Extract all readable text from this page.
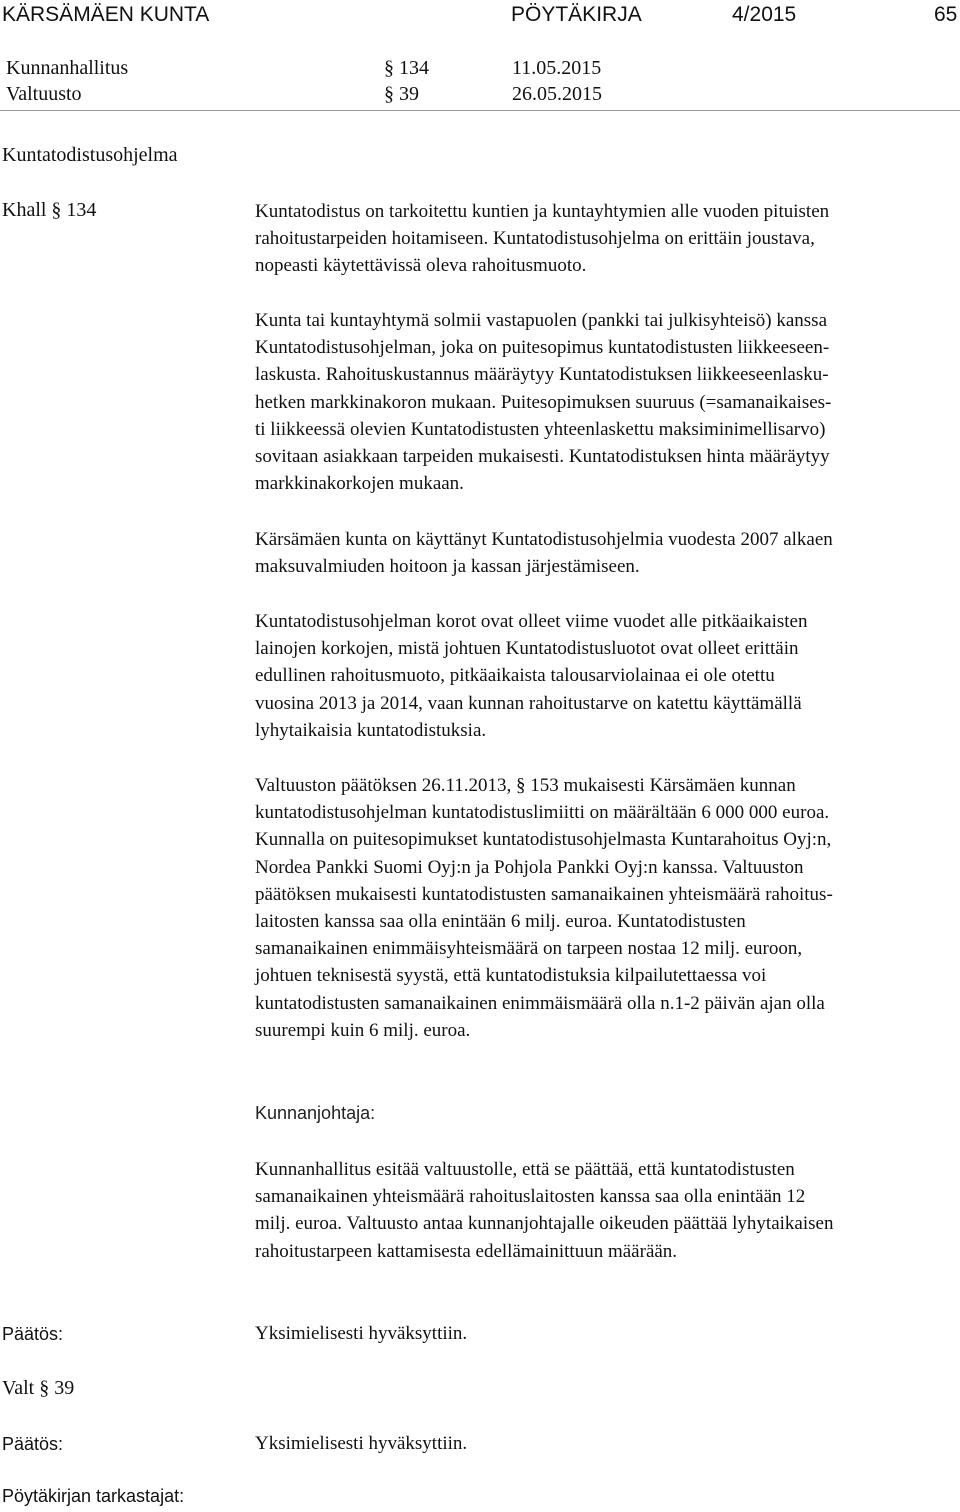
KÄRSÄMÄEN KUNTA	PÖYTÄKIRJA	4/2015	65
Kunnanhallitus	§ 134	11.05.2015
Valtuusto	§ 39	26.05.2015
Kuntatodistusohjelma
Khall § 134	Kuntatodistus on tarkoitettu kuntien ja kuntayhtymien alle vuoden pituisten
rahoitustarpeiden hoitamiseen. Kuntatodistusohjelma on erittäin joustava,
nopeasti käytettävissä oleva rahoitusmuoto.
Kunta tai kuntayhtymä solmii vastapuolen (pankki tai julkisyhteisö) kanssa
Kuntatodistusohjelman, joka on puitesopimus kuntatodistusten liikkeeseen-
laskusta. Rahoituskustannus määräytyy Kuntatodistuksen liikkeeseenlasku-
hetken markkinakoron mukaan. Puitesopimuksen suuruus (=samanaikaises-
ti liikkeessä olevien Kuntatodistusten yhteenlaskettu maksiminimellisarvo)
sovitaan asiakkaan tarpeiden mukaisesti. Kuntatodistuksen hinta määräytyy
markkinakorkojen mukaan.
Kärsämäen kunta on käyttänyt Kuntatodistusohjelmia vuodesta 2007 alkaen
maksuvalmiuden hoitoon ja kassan järjestämiseen.
Kuntatodistusohjelman korot ovat olleet viime vuodet alle pitkäaikaisten
lainojen korkojen, mistä johtuen Kuntatodistusluotot ovat olleet erittäin
edullinen rahoitusmuoto, pitkäaikaista talousarviolainaa ei ole otettu
vuosina 2013 ja 2014, vaan kunnan rahoitustarve on katettu käyttämällä
lyhytaikaisia kuntatodistuksia.
Valtuuston päätöksen 26.11.2013, § 153 mukaisesti Kärsämäen kunnan
kuntatodistusohjelman kuntatodistuslimiitti on määrältään 6 000 000 euroa.
Kunnalla on puitesopimukset kuntatodistusohjelmasta Kuntarahoitus Oyj:n,
Nordea Pankki Suomi Oyj:n ja Pohjola Pankki Oyj:n kanssa. Valtuuston
päätöksen mukaisesti kuntatodistusten samanaikainen yhteismäärä rahoitus-
laitosten kanssa saa olla enintään 6 milj. euroa. Kuntatodistusten
samanaikainen enimmäisyhteismäärä on tarpeen nostaa 12 milj. euroon,
johtuen teknisestä syystä, että kuntatodistuksia kilpailutettaessa voi
kuntatodistusten samanaikainen enimmäismäärä olla n.1-2 päivän ajan olla
suurempi kuin 6 milj. euroa.
Kunnanjohtaja:
Kunnanhallitus esitää valtuustolle, että se päättää, että kuntatodistusten
samanaikainen yhteismäärä rahoituslaitosten kanssa saa olla enintään 12
milj. euroa. Valtuusto antaa kunnanjohtajalle oikeuden päättää lyhytaikaisen
rahoitustarpeen kattamisesta edellämainittuun määrään.
Päätös:	Yksimielisesti hyväksyttiin.
Valt § 39
Päätös:	Yksimielisesti hyväksyttiin.
Pöytäkirjan tarkastajat:
